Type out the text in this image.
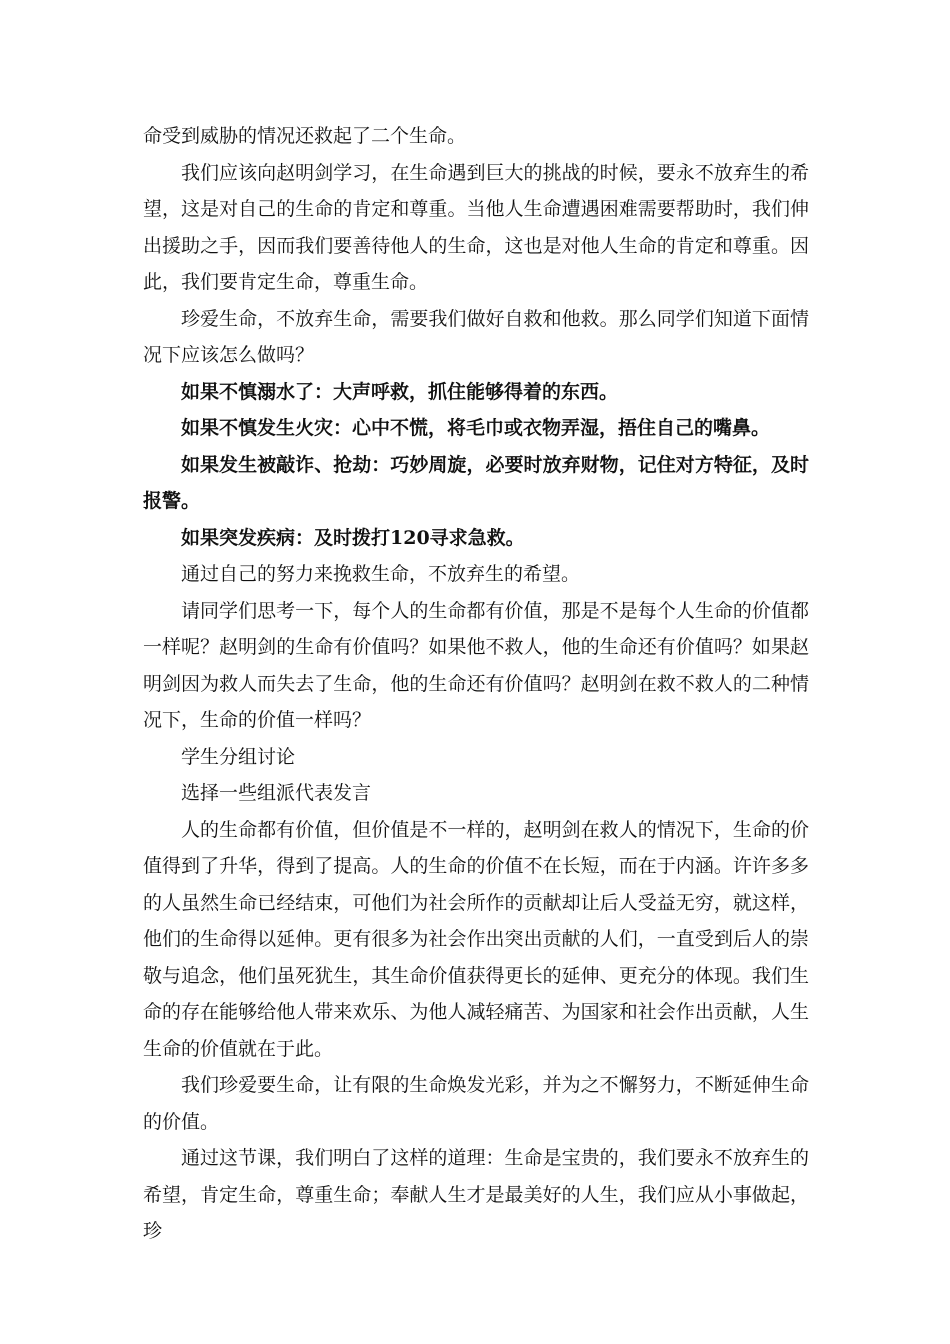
命受到威胁的情况还救起了二个生命。

我们应该向赵明剑学习，在生命遇到巨大的挑战的时候，要永不放弃生的希望，这是对自己的生命的肯定和尊重。当他人生命遭遇困难需要帮助时，我们伸出援助之手，因而我们要善待他人的生命，这也是对他人生命的肯定和尊重。因此，我们要肯定生命，尊重生命。

珍爱生命，不放弃生命，需要我们做好自救和他救。那么同学们知道下面情况下应该怎么做吗？

如果不慎溺水了：大声呼救，抓住能够得着的东西。

如果不慎发生火灾：心中不慌，将毛巾或衣物弄湿，捂住自己的嘴鼻。

如果发生被敲诈、抢劫：巧妙周旋，必要时放弃财物，记住对方特征，及时报警。

如果突发疾病：及时拨打120寻求急救。

通过自己的努力来挽救生命，不放弃生的希望。

请同学们思考一下，每个人的生命都有价值，那是不是每个人生命的价值都一样呢？赵明剑的生命有价值吗？如果他不救人，他的生命还有价值吗？如果赵明剑因为救人而失去了生命，他的生命还有价值吗？赵明剑在救不救人的二种情况下，生命的价值一样吗？

学生分组讨论

选择一些组派代表发言

人的生命都有价值，但价值是不一样的，赵明剑在救人的情况下，生命的价值得到了升华，得到了提高。人的生命的价值不在长短，而在于内涵。许许多多的人虽然生命已经结束，可他们为社会所作的贡献却让后人受益无穷，就这样，他们的生命得以延伸。更有很多为社会作出突出贡献的人们，一直受到后人的崇敬与追念，他们虽死犹生，其生命价值获得更长的延伸、更充分的体现。我们生命的存在能够给他人带来欢乐、为他人减轻痛苦、为国家和社会作出贡献，人生生命的价值就在于此。

我们珍爱要生命，让有限的生命焕发光彩，并为之不懈努力，不断延伸生命的价值。

通过这节课，我们明白了这样的道理：生命是宝贵的，我们要永不放弃生的希望，肯定生命，尊重生命；奉献人生才是最美好的人生，我们应从小事做起，珍
